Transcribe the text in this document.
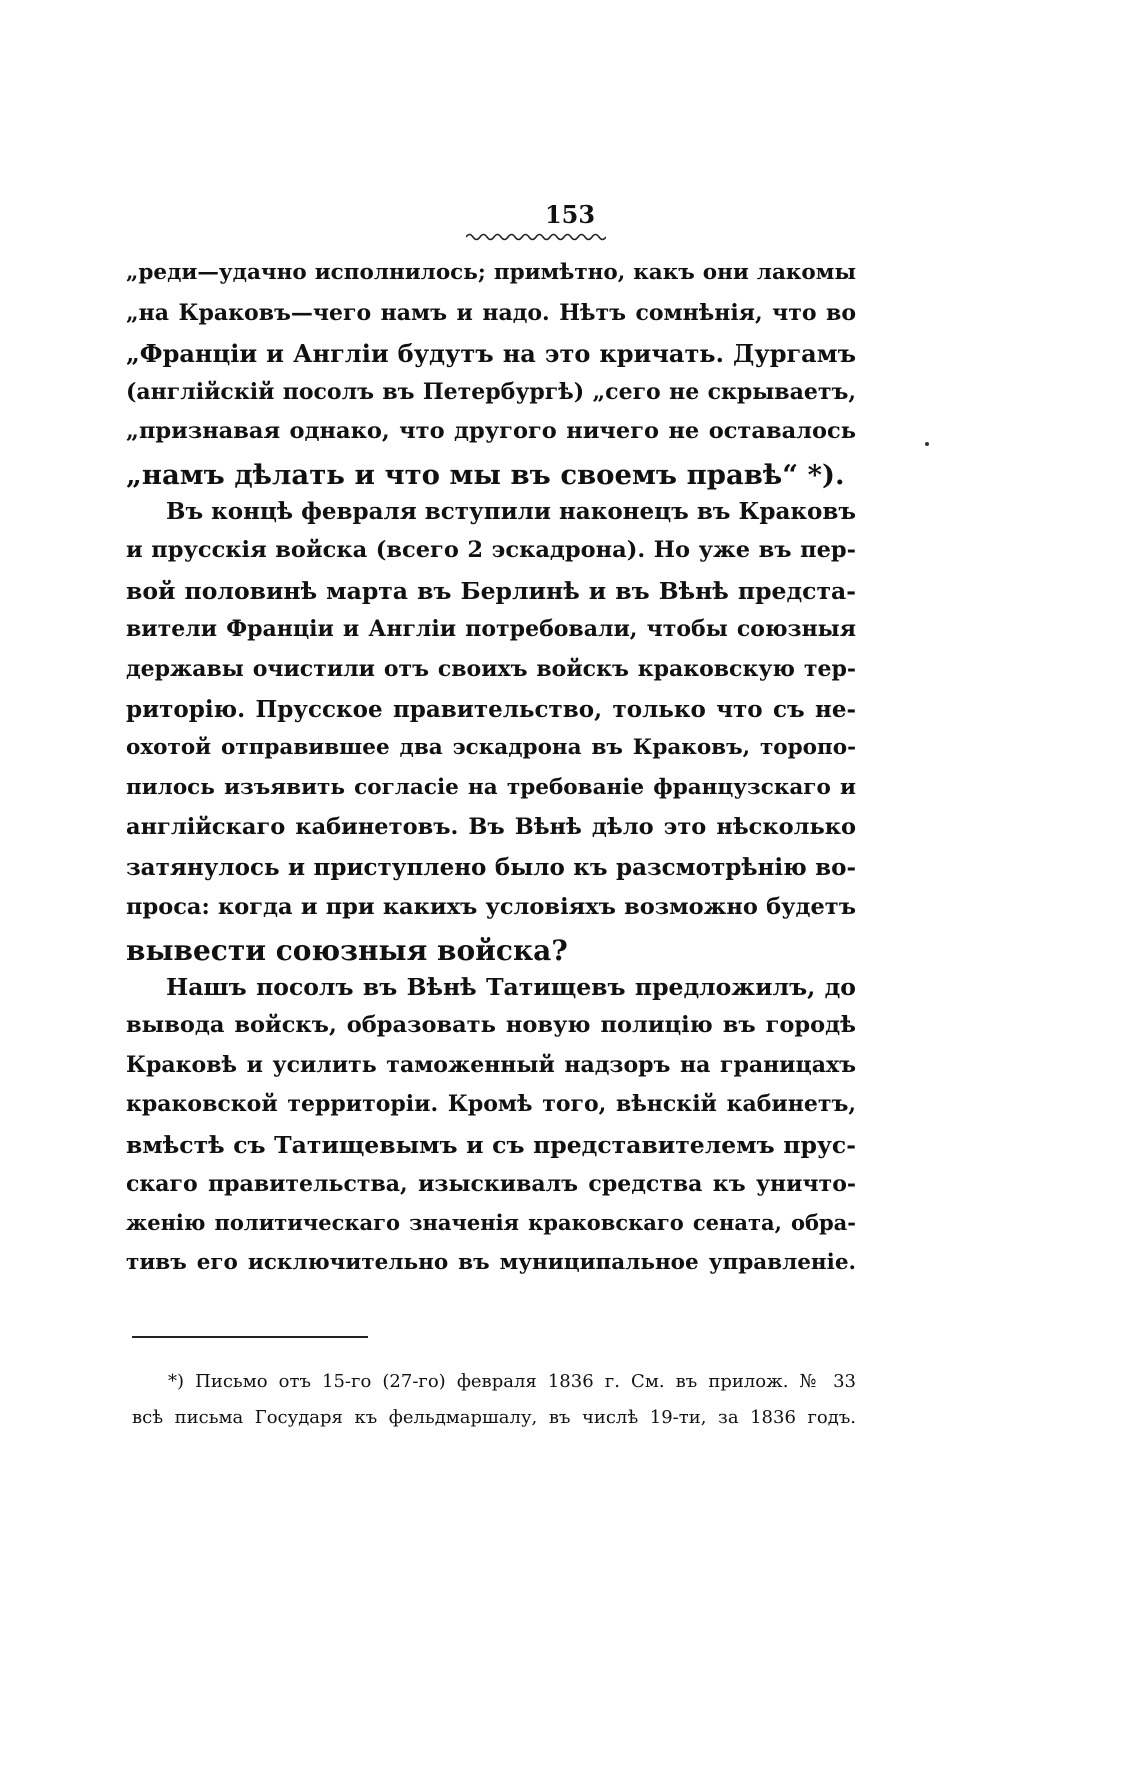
153
„реди—удачно исполнилось; примѣтно, какъ они лакомы
„на Краковъ—чего намъ и надо. Нѣтъ сомнѣнія, что во
„Франціи и Англіи будутъ на это кричать. Дургамъ
(англійскій посолъ въ Петербургѣ) „сего не скрываетъ,
„признавая однако, что другого ничего не оставалось
„намъ дѣлать и что мы въ своемъ правѣ“ *).
Въ концѣ февраля вступили наконецъ въ Краковъ
и прусскія войска (всего 2 эскадрона). Но уже въ пер-
вой половинѣ марта въ Берлинѣ и въ Вѣнѣ предста-
вители Франціи и Англіи потребовали, чтобы союзныя
державы очистили отъ своихъ войскъ краковскую тер-
риторію. Прусское правительство, только что съ не-
охотой отправившее два эскадрона въ Краковъ, торопо-
пилось изъявить согласіе на требованіе французскаго и
англійскаго кабинетовъ. Въ Вѣнѣ дѣло это нѣсколько
затянулось и приступлено было къ разсмотрѣнію во-
проса: когда и при какихъ условіяхъ возможно будетъ
вывести союзныя войска?
Нашъ посолъ въ Вѣнѣ Татищевъ предложилъ, до
вывода войскъ, образовать новую полицію въ городѣ
Краковѣ и усилить таможенный надзоръ на границахъ
краковской территоріи. Кромѣ того, вѣнскій кабинетъ,
вмѣстѣ съ Татищевымъ и съ представителемъ прус-
скаго правительства, изыскивалъ средства къ уничто-
женію политическаго значенія краковскаго сената, обра-
тивъ его исключительно въ муниципальное управленіе.
*) Письмо отъ 15-го (27-го) февраля 1836 г. См. въ прилож. № 33
всѣ письма Государя къ фельдмаршалу, въ числѣ 19-ти, за 1836 годъ.
